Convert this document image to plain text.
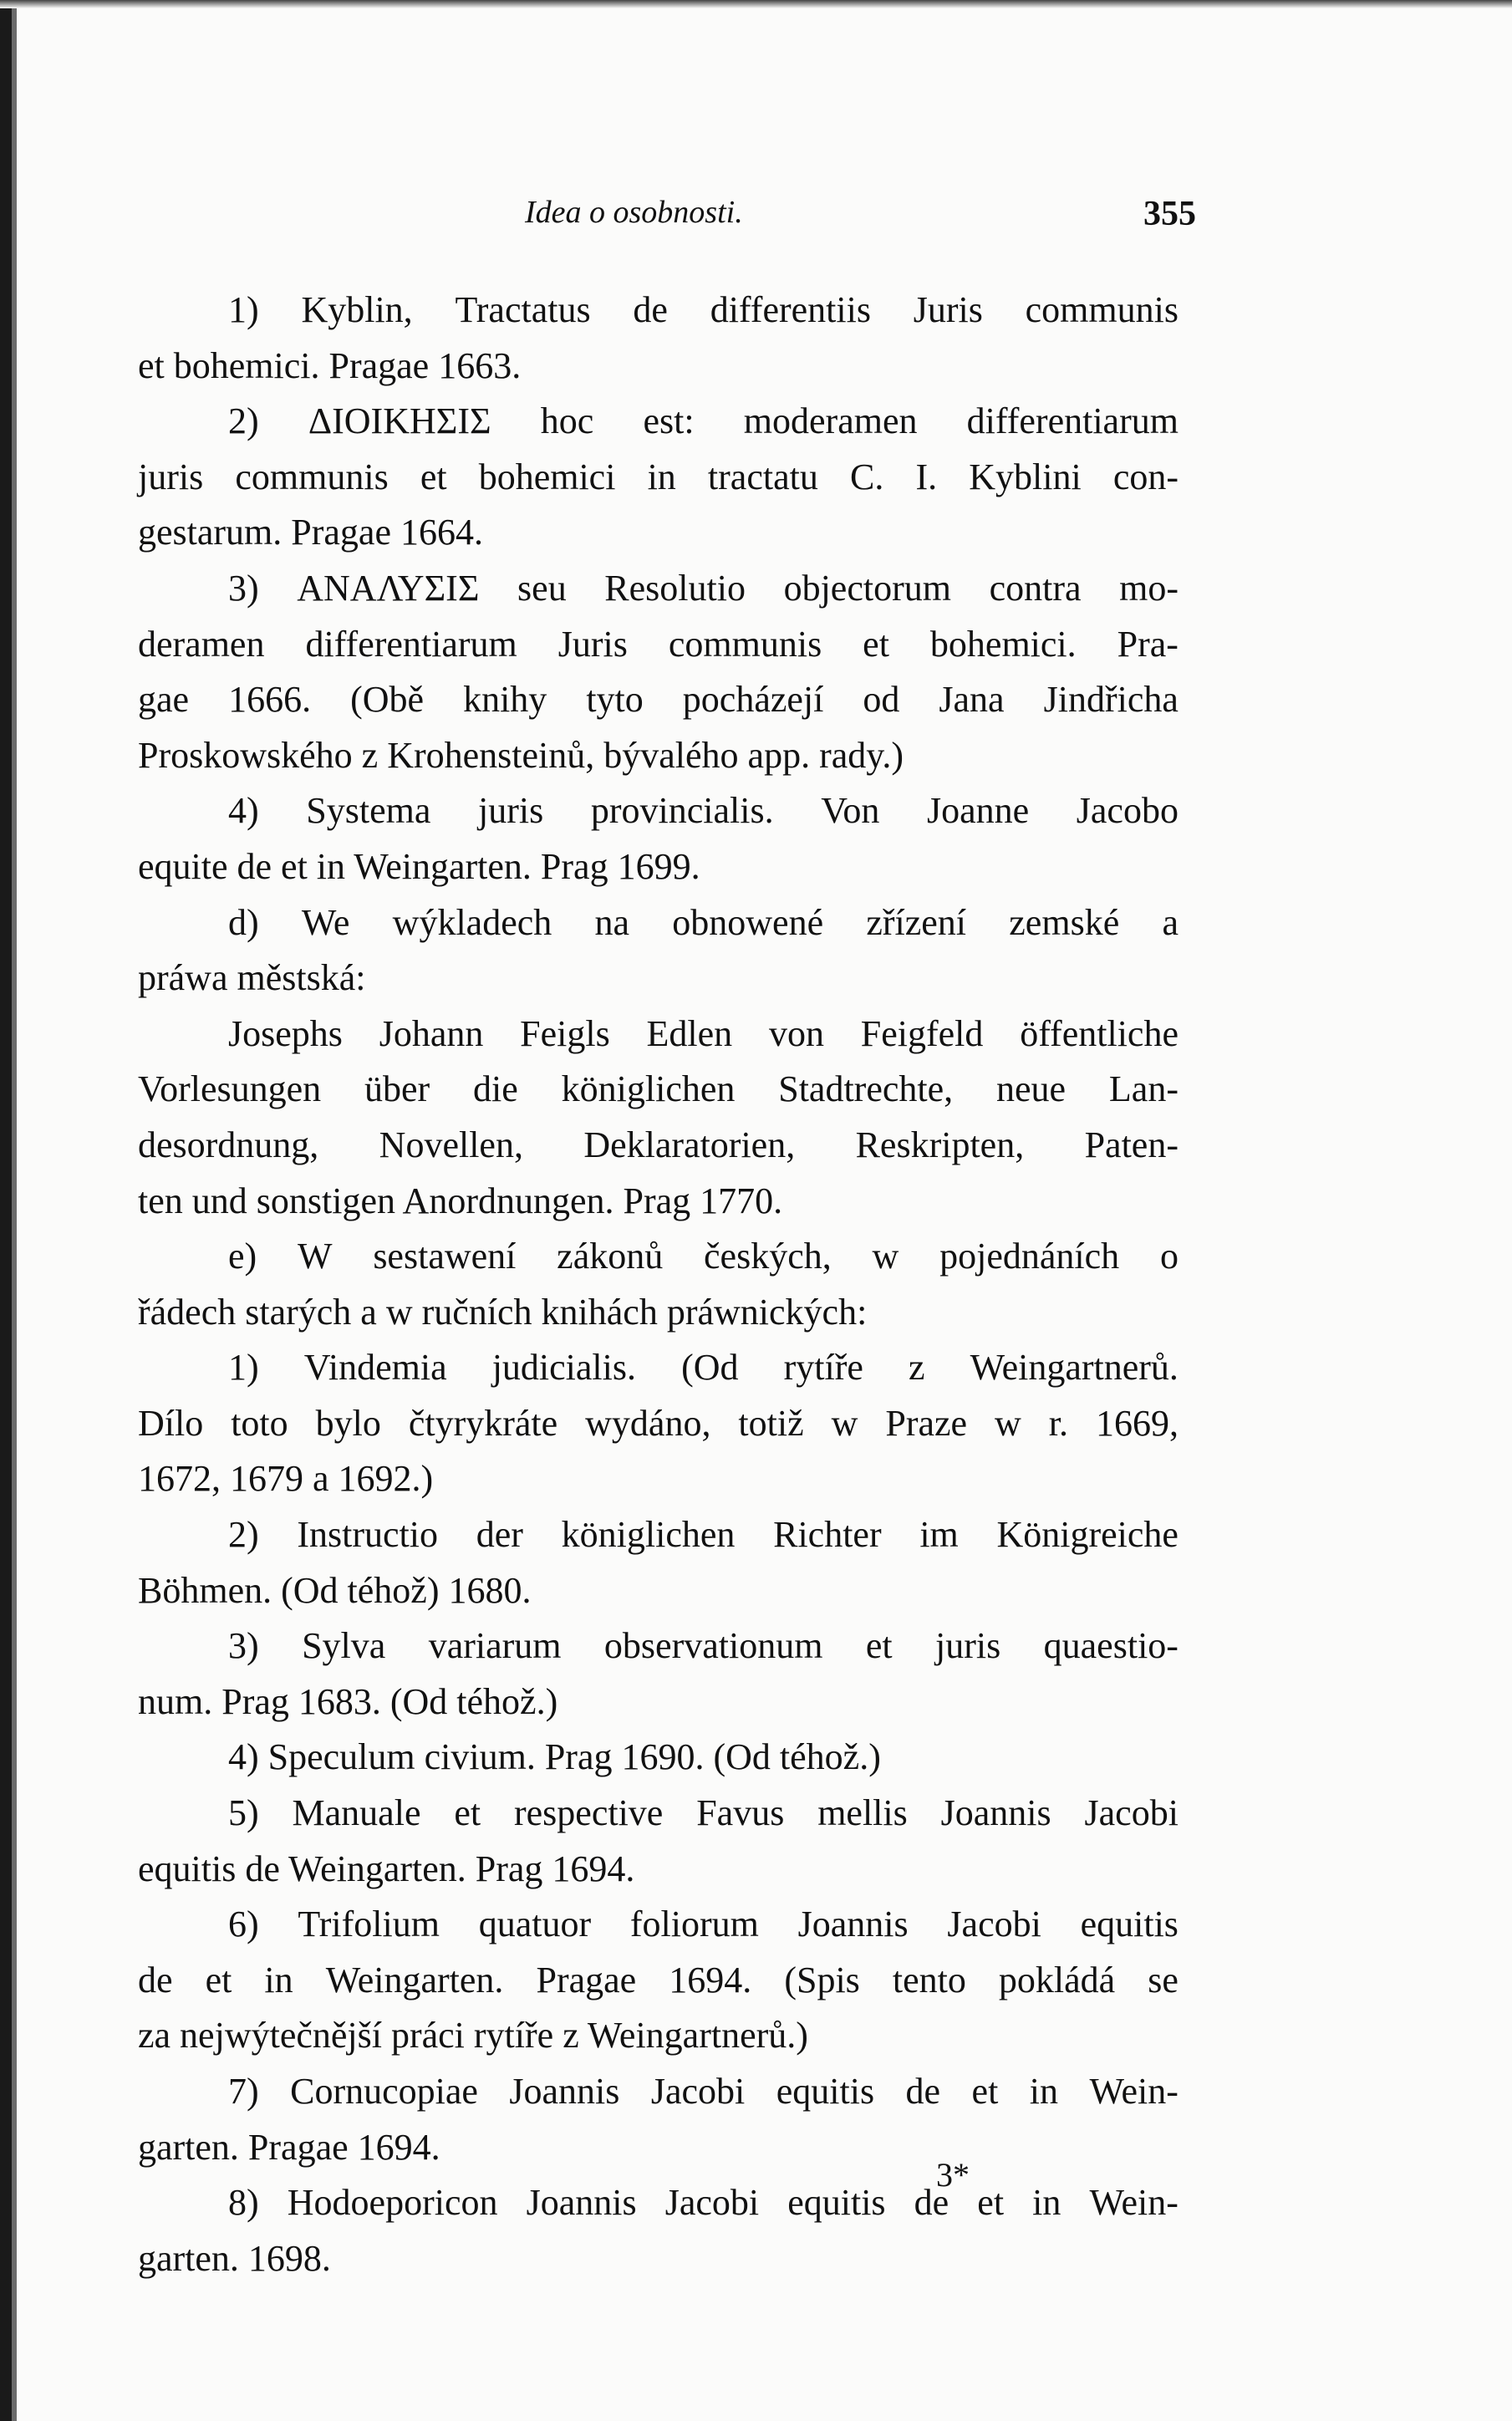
Idea o osobnosti.	355
1) Kyblin, Tractatus de differentiis Juris communis
et bohemici. Pragae 1663.
2) ΔΙΟΙΚΗΣΙΣ hoc est: moderamen differentiarum
juris communis et bohemici in tractatu C. I. Kyblini con-
gestarum. Pragae 1664.
3) ΑΝΑΛΥΣΙΣ seu Resolutio objectorum contra mo-
deramen differentiarum Juris communis et bohemici. Pra-
gae 1666. (Obě knihy tyto pocházejí od Jana Jindřicha
Proskowského z Krohensteinů, bývalého app. rady.)
4) Systema juris provincialis. Von Joanne Jacobo
equite de et in Weingarten. Prag 1699.
d) We wýkladech na obnowené zřízení zemské a
práwa městská:
Josephs Johann Feigls Edlen von Feigfeld öffentliche
Vorlesungen über die königlichen Stadtrechte, neue Lan-
desordnung, Novellen, Deklaratorien, Reskripten, Paten-
ten und sonstigen Anordnungen. Prag 1770.
e) W sestawení zákonů českých, w pojednáních o
řádech starých a w ručních knihách práwnických:
1) Vindemia judicialis. (Od rytíře z Weingartnerů.
Dílo toto bylo čtyrykráte wydáno, totiž w Praze w r. 1669,
1672, 1679 a 1692.)
2) Instructio der königlichen Richter im Königreiche
Böhmen. (Od téhož) 1680.
3) Sylva variarum observationum et juris quaestio-
num. Prag 1683. (Od téhož.)
4) Speculum civium. Prag 1690. (Od téhož.)
5) Manuale et respective Favus mellis Joannis Jacobi
equitis de Weingarten. Prag 1694.
6) Trifolium quatuor foliorum Joannis Jacobi equitis
de et in Weingarten. Pragae 1694. (Spis tento pokládá se
za nejwýtečnější práci rytíře z Weingartnerů.)
7) Cornucopiae Joannis Jacobi equitis de et in Wein-
garten. Pragae 1694.
8) Hodoeporicon Joannis Jacobi equitis de et in Wein-
garten. 1698.
3*
